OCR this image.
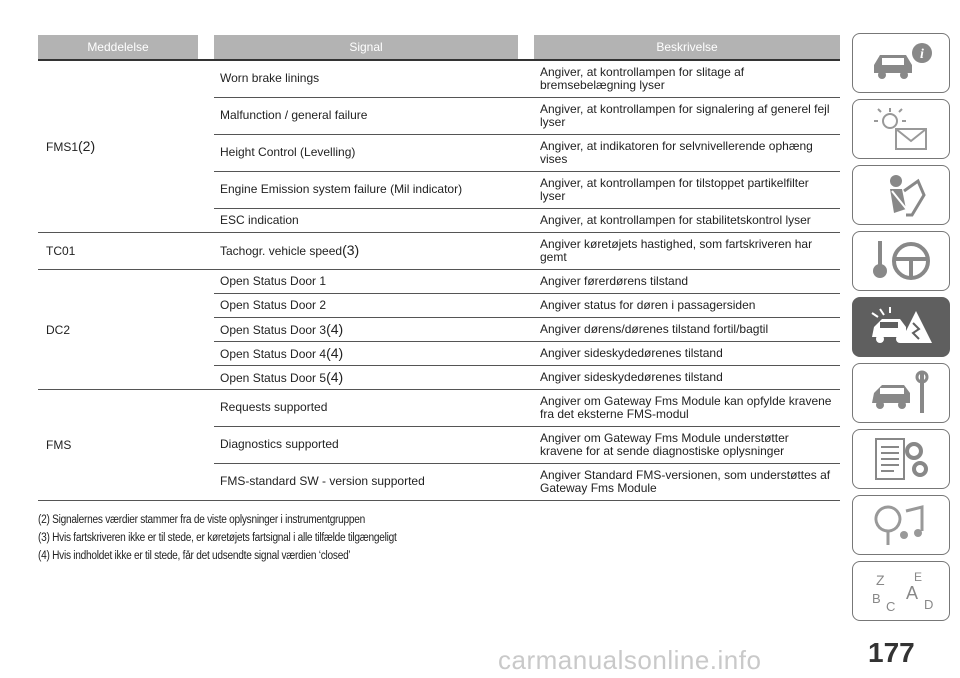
Meddelelse		Signal		Beskrivelse
FMS1(2)		Worn brake linings		Angiver, at kontrollampen for slitage af bremsebelægning lyser
		Malfunction / general failure		Angiver, at kontrollampen for signalering af generel fejl lyser
		Height Control (Levelling)		Angiver, at indikatoren for selvnivellerende ophæng vises
		Engine Emission system failure (Mil indicator)		Angiver, at kontrollampen for tilstoppet partikelfilter lyser
		ESC indication		Angiver, at kontrollampen for stabilitetskontrol lyser
TC01		Tachogr. vehicle speed(3)		Angiver køretøjets hastighed, som fartskriveren har gemt
DC2		Open Status Door 1		Angiver førerdørens tilstand
		Open Status Door 2		Angiver status for døren i passagersiden
		Open Status Door 3(4)		Angiver dørens/dørenes tilstand fortil/bagtil
		Open Status Door 4(4)		Angiver sideskydedørenes tilstand
		Open Status Door 5(4)		Angiver sideskydedørenes tilstand
FMS		Requests supported		Angiver om Gateway Fms Module kan opfylde kravene fra det eksterne FMS-modul
		Diagnostics supported		Angiver om Gateway Fms Module understøtter kravene for at sende diagnostiske oplysninger
		FMS-standard SW - version supported		Angiver Standard FMS-versionen, som understøttes af Gateway Fms Module
(2) Signalernes værdier stammer fra de viste oplysninger i instrumentgruppen
(3) Hvis fartskriveren ikke er til stede, er køretøjets fartsignal i alle tilfælde tilgængeligt
(4) Hvis indholdet ikke er til stede, får det udsendte signal værdien ‘closed’
i
Z E
B A
C D
177
carmanualsonline.info
